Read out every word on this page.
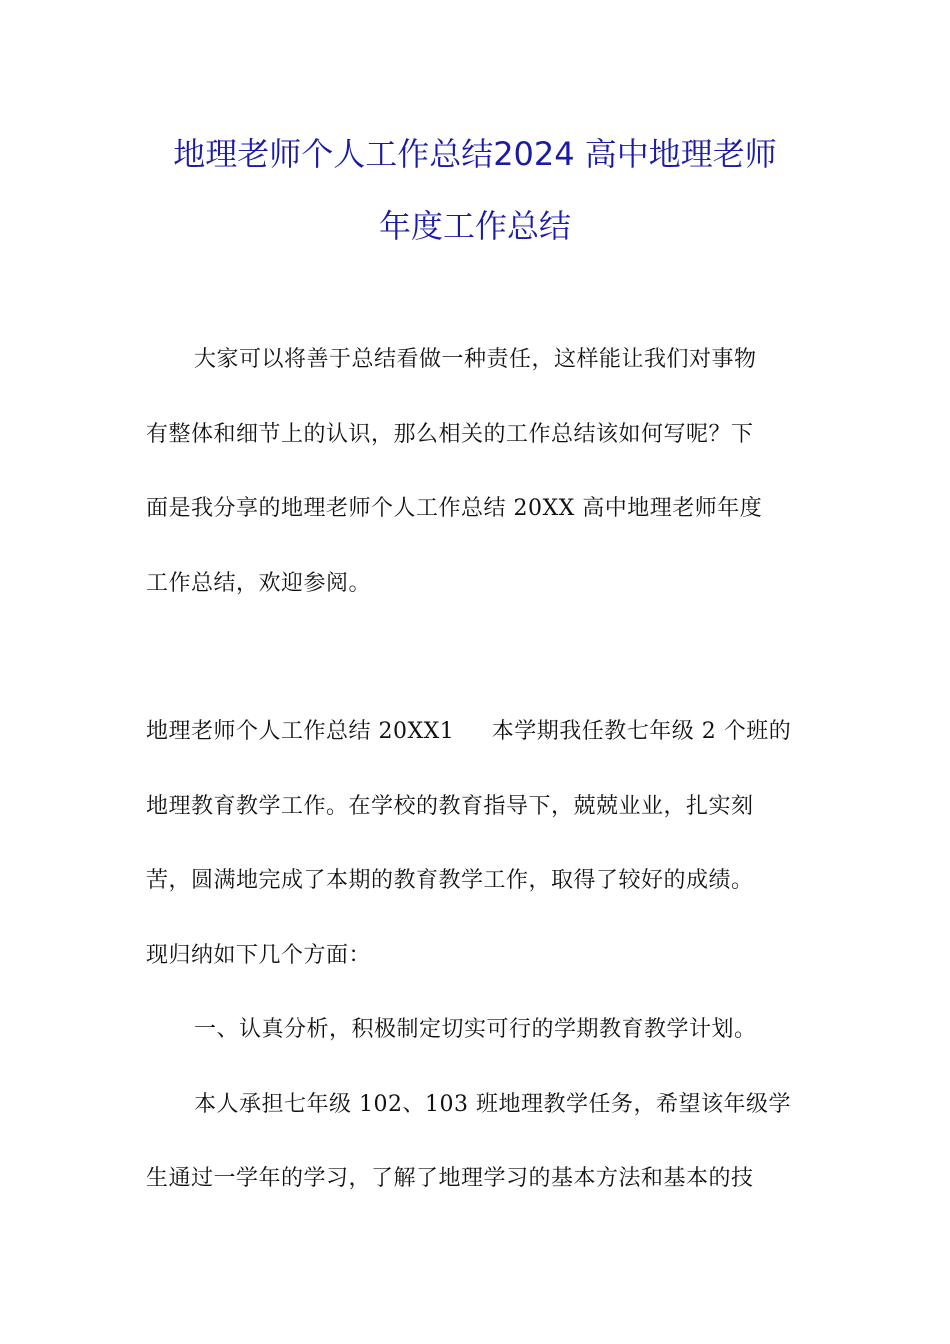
地理老师个人工作总结2024 高中地理老师
年度工作总结
大家可以将善于总结看做一种责任，这样能让我们对事物
有整体和细节上的认识，那么相关的工作总结该如何写呢？下
面是我分享的地理老师个人工作总结 20XX 高中地理老师年度
工作总结，欢迎参阅。
地理老师个人工作总结 20XX1     本学期我任教七年级 2 个班的
地理教育教学工作。在学校的教育指导下，兢兢业业，扎实刻
苦，圆满地完成了本期的教育教学工作，取得了较好的成绩。
现归纳如下几个方面：
一、认真分析，积极制定切实可行的学期教育教学计划。
本人承担七年级 102、103 班地理教学任务，希望该年级学
生通过一学年的学习，了解了地理学习的基本方法和基本的技
